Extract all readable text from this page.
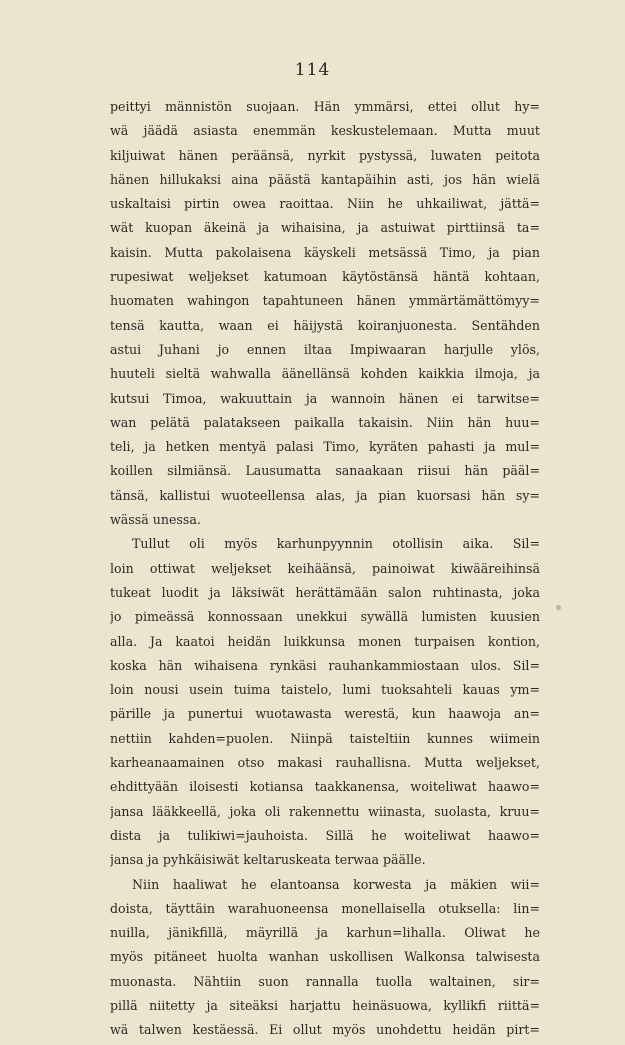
114
peittyi männistön suojaan. Hän ymmärsi, ettei ollut hy=
wä jäädä asiasta enemmän keskustelemaan. Mutta muut
kiljuiwat hänen peräänsä, nyrkit pystyssä, luwaten peitota
hänen hillukaksi aina päästä kantapäihin asti, jos hän wielä
uskaltaisi pirtin owea raoittaa. Niin he uhkailiwat, jättä=
wät kuopan äkeinä ja wihaisina, ja astuiwat pirttiinsä ta=
kaisin. Mutta pakolaisena käyskeli metsässä Timo, ja pian
rupesiwat weljekset katumoan käytöstänsä häntä kohtaan,
huomaten wahingon tapahtuneen hänen ymmärtämättömyy=
tensä kautta, waan ei häijystä koiranjuonesta. Sentähden
astui Juhani jo ennen iltaa Impiwaaran harjulle ylös,
huuteli sieltä wahwalla äänellänsä kohden kaikkia ilmoja, ja
kutsui Timoa, wakuuttain ja wannoin hänen ei tarwitse=
wan pelätä palatakseen paikalla takaisin. Niin hän huu=
teli, ja hetken mentyä palasi Timo, kyräten pahasti ja mul=
koillen silmiänsä. Lausumatta sanaakaan riisui hän pääl=
tänsä, kallistui wuoteellensa alas, ja pian kuorsasi hän sy=
wässä unessa.
Tullut oli myös karhunpyynnin otollisin aika. Sil=
loin ottiwat weljekset keihäänsä, painoiwat kiwääreihinsä
tukeat luodit ja läksiwät herättämään salon ruhtinasta, joka
jo pimeässä konnossaan unekkui sywällä lumisten kuusien
alla. Ja kaatoi heidän luikkunsa monen turpaisen kontion,
koska hän wihaisena rynkäsi rauhankammiostaan ulos. Sil=
loin nousi usein tuima taistelo, lumi tuoksahteli kauas ym=
pärille ja punertui wuotawasta werestä, kun haawoja an=
nettiin kahden=puolen. Niinpä taisteltiin kunnes wiimein
karheanaamainen otso makasi rauhallisna. Mutta weljekset,
ehdittyään iloisesti kotiansa taakkanensa, woiteliwat haawo=
jansa lääkkeellä, joka oli rakennettu wiinasta, suolasta, kruu=
dista ja tulikiwi=jauhoista. Sillä he woiteliwat haawo=
jansa ja pyhkäisiwät keltaruskeata terwaa päälle.
Niin haaliwat he elantoansa korwesta ja mäkien wii=
doista, täyttäin warahuoneensa monellaisella otuksella: lin=
nuilla, jänikfillä, mäyrillä ja karhun=lihalla. Oliwat he
myös pitäneet huolta wanhan uskollisen Walkonsa talwisesta
muonasta. Nähtiin suon rannalla tuolla waltainen, sir=
pillä niitetty ja siteäksi harjattu heinäsuowa, kyllikfi riittä=
wä talwen kestäessä. Ei ollut myös unohdettu heidän pirt=
